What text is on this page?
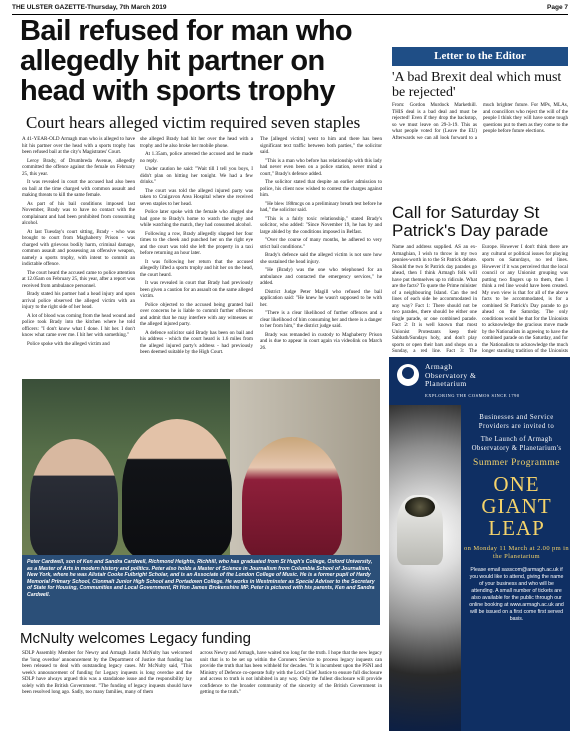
THE ULSTER GAZETTE-Thursday, 7th March 2019	Page 7
Bail refused for man who allegedly hit partner on head with sports trophy
Court hears alleged victim required seven staples

A 41-YEAR-OLD Armagh man who is alleged to have hit his partner over the head with a sports trophy has been refused bail at the city's Magistrates' Court.

Leroy Brady, of Drumbreda Avenue, allegedly committed the offence against the female on February 25, this year.

It was revealed in court the accused had also been on bail at the time charged with common assault and making threats to kill the same female.

As part of his bail conditions imposed last November, Brady was to have no contact with the complainant and had been prohibited from consuming alcohol.

At last Tuesday's court sitting, Brady - who was brought to court from Maghaberry Prison - was charged with grievous bodily harm, criminal damage, common assault and possessing an offensive weapon, namely a sports trophy, with intent to commit an indictable offence.

The court heard the accused came to police attention at 12.05am on February 25, this year, after a report was received from ambulance personnel.

Brady stated his partner had a head injury and upon arrival police observed the alleged victim with an injury to the right side of her head.

A lot of blood was coming from the head wound and police took Brady into the kitchen where he told officers: "I don't know what I done. I hit her. I don't know what came over me. I hit her with something."

Police spoke with the alleged victim and

she alleged Brady had hit her over the head with a trophy and he also broke her mobile phone.

At 1.35am, police arrested the accused and he made no reply.

Under caution he said: "Wait till I tell you boys, I didn't plan on hitting her tonight. We had a few drinks."

The court was told the alleged injured party was taken to Craigavon Area Hospital where she received seven staples to her head.

Police later spoke with the female who alleged she had gone to Brady's home to watch the rugby and while watching the match, they had consumed alcohol.

Following a row, Brady allegedly slapped her four times to the cheek and punched her on the right eye and the court was told she left the property in a taxi before returning an hour later.

It was following her return that the accused allegedly lifted a sports trophy and hit her on the head, the court heard.

It was revealed in court that Brady had previously been given a caution for an assault on the same alleged victim.

Police objected to the accused being granted bail over concerns he is liable to commit further offences and admit that he may interfere with any witnesses or the alleged injured party.

A defence solicitor said Brady has been on bail and his address - which the court heard is 1.6 miles from the alleged injured party's address - had previously been deemed suitable by the High Court.

The [alleged victim] went to him and there has been significant text traffic between both parties," the solicitor said.

"This is a man who before has relationship with this lady had never even been on a police station, never mind a court," Brady's defence added.

The solicitor stated that despite an earlier admission to police, his client now wished to contest the charges against him.

"He blew 188mcgs on a preliminary breath test before he had," the solicitor said.

"This is a fairly toxic relationship," stated Brady's solicitor, who added: "Since November 19, he has by and large abided by the conditions imposed in Belfast.

"Over the course of many months, he adhered to very strict bail conditions."

Brady's defence said the alleged victim is not sure how she sustained the head injury.

"He (Brady) was the one who telephoned for an ambulance and contacted the emergency services," he added.

District Judge Peter Magill who refused the bail application said: "He knew he wasn't supposed to be with her.

"There is a clear likelihood of further offences and a clear likelihood of him consuming her and there is a danger to her from him," the district judge said.

Brady was remanded in custody to Maghaberry Prison and is due to appear in court again via videolink on March 26.

Peter Cardwell, son of Ken and Sandra Cardwell, Richmond Heights, Richhill, who has graduated from St Hugh's College, Oxford University, as a Master of Arts in modern history and politics. Peter also holds a Master of Science in Journalism from Columbia School of Journalism, New York, where he was Alistair Cooke Fulbright Scholar, and is an Associate of the London College of Music. He is a former pupil of Hardy Memorial Primary School, Clonmalt Junior High School and Portadown College. He works in Westminster as Special Adviser to the Secretary of State for Housing, Communities and Local Government, Rt Hon James Brokenshire MP. Peter is pictured with his parents, Ken and Sandra Cardwell.
McNulty welcomes Legacy funding

SDLP Assembly Member for Newry and Armagh Justin McNulty has welcomed the 'long overdue' announcement by the Department of Justice that funding has been released to deal with outstanding legacy cases. Mr McNulty said, "This week's announcement of funding for Legacy inquests is long overdue and the SDLP have always argued this was a standalone issue and the responsibility lay solely with the British Government. "The funding of legacy inquests should have been resolved long ago. Sadly, too many families, many of them

across Newry and Armagh, have waited too long for the truth. I hope that the new legacy unit that is to be set up within the Coroners Service to process legacy inquests can provide the truth that has been withheld for decades. "It is incumbent upon the PSNI and Ministry of Defence co-operate fully with the Lord Chief Justice to ensure full disclosure and access to truth is not inhibited in any way. Only the fullest disclosure will provide confidence to the broader community of the sincerity of the British Government in getting to the truth."

Letter to the Editor
'A bad Brexit deal which must be rejected'

From: Gordon Murdock Markethill. THIS deal is a bad deal and must be rejected! Even if they drop the backstop, so we must leave on 29-3-19. This as what people voted for (Leave the EU) Afterwards we can all look forward to a much brighter future. For MPs, MLAs, and councillors who reject the will of the people I think they will have some tough questions put to them as they come to the people before future elections.

Call for Saturday St Patrick's Day parade

Name and address supplied. AS an ex-Armaghian, I wish to throw in my two pennies-worth in to the St Patrick debate. Should the two St Patrick day parades go ahead, then I think Armagh folk will have put themselves up to ridicule. What are the facts? To quote the Prime minister of a neighbouring Island. Can the red lines of each side be accommodated in any way? Fact 1: There should not be two parades, there should be either one single parade, or one combined parade. Fact 2: It is well known that most Unionist Protestants keep their Sabbath/Sundays holy, and don't play sports or open their bars and shops on a Sunday, a red line. Fact 3: The

Europe. However I don't think there are any cultural or political issues for playing sports on Saturdays, no red lines. However if it was perceived that the local council or any Unionist grouping was putting two fingers up to them, then I think a red line would have been created. My own view is that for all of the above facts to be accommodated, is for a combined St Patrick's Day parade to go ahead on the Saturday. The only conditions would be that for the Unionists to acknowledge the gracious move made by the Nationalists in agreeing to have the combined parade on the Saturday, and for the Nationalists to acknowledge the much longer standing tradition of the Unionists

Armagh
Observatory &
Planetarium
EXPLORING THE COSMOS SINCE 1790
Businesses and Service Providers are invited to
The Launch of Armagh Observatory & Planetarium's
Summer Programme
ONE
GIANT
LEAP
on Monday 11 March at 2.00 pm in the Planetarium
Please email sasscom@armagh.ac.uk if you would like to attend, giving the name of your business and who will be attending. A small number of tickets are also available for the public through our online booking at www.armagh.ac.uk and will be issued on a first come first served basis.
